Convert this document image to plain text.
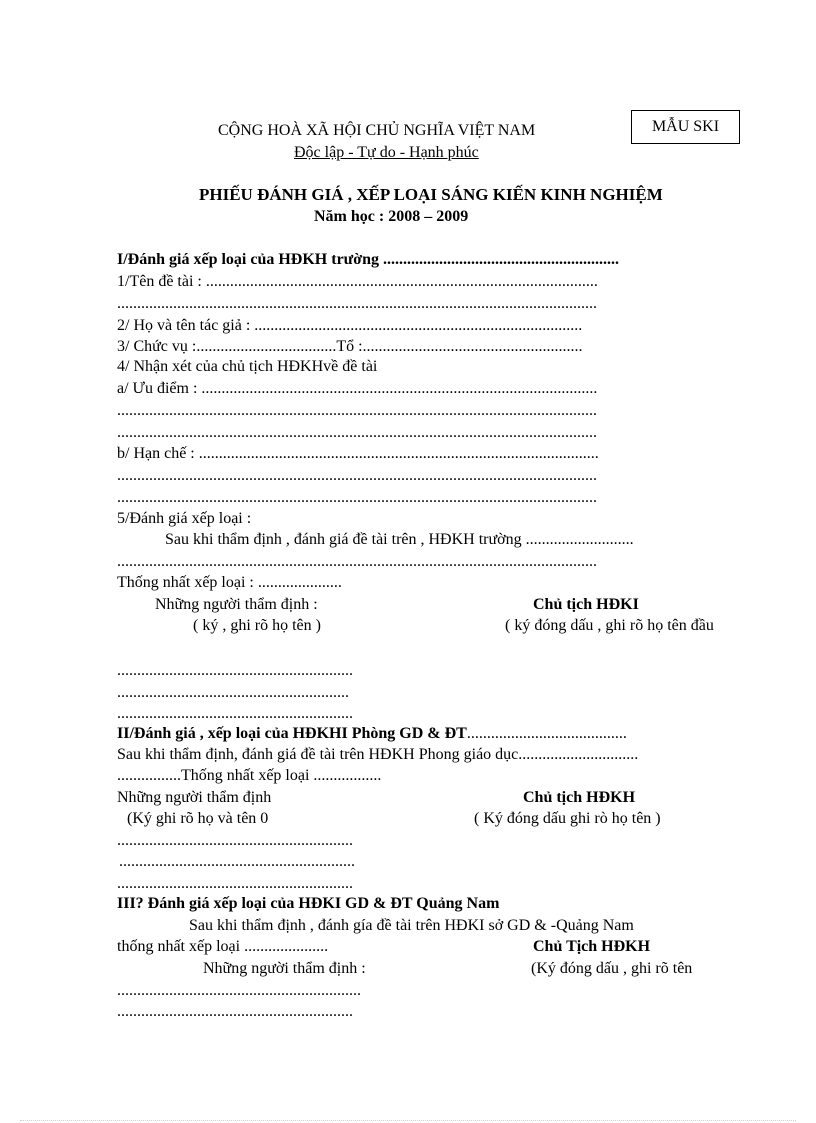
CỘNG HOÀ XÃ HỘI CHỦ NGHĨA VIỆT NAM
Độc lập - Tự do - Hạnh phúc
MẪU SKI
PHIẾU ĐÁNH GIÁ , XẾP LOẠI SÁNG KIẾN KINH NGHIỆM
Năm học : 2008 – 2009
I/Đánh giá xếp loại của HĐKH trường ...........................................................
1/Tên đề tài : ..................................................................................................
........................................................................................................................
2/ Họ và tên tác giả : ..................................................................................
3/ Chức vụ :...................................Tổ :.......................................................
4/ Nhận xét của chủ tịch HĐKHvề đề tài
a/ Ưu điểm : ...................................................................................................
........................................................................................................................
........................................................................................................................
b/ Hạn chế : ....................................................................................................
........................................................................................................................
........................................................................................................................
5/Đánh giá xếp loại :
Sau khi thẩm định , đánh giá đề tài trên , HĐKH trường ...........................
........................................................................................................................
Thống nhất xếp loại : .....................
Những người thẩm định :	Chủ tịch HĐKI
( ký , ghi rõ họ tên )	( ký đóng dấu , ghi rõ họ tên đầu
...........................................................
..........................................................
...........................................................
II/Đánh giá , xếp loại của HĐKHI Phòng GD & ĐT........................................
Sau khi thẩm định, đánh giá đề tài trên HĐKH Phong giáo dục..............................
................Thống nhất xếp loại .................
Những người thẩm định	Chủ tịch HĐKH
(Ký ghi rõ họ và tên 0	( Ký đóng dấu ghi rò họ tên )
...........................................................
...........................................................
...........................................................
III? Đánh giá xếp loại của HĐKI GD & ĐT Quảng Nam
Sau khi thẩm định , đánh gía đề tài trên HĐKI sở GD & -Quảng Nam
thống nhất xếp loại .....................	Chủ Tịch HĐKH
Những người thẩm định :	(Ký đóng dấu , ghi rõ tên
.............................................................
...........................................................
